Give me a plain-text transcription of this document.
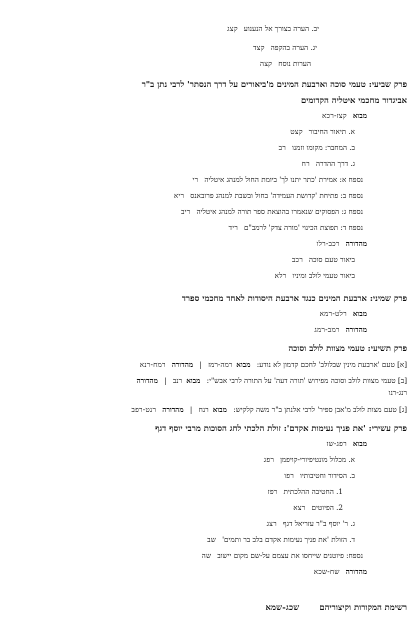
יב. הערה בצורך אל הנענועקצג
יג. הערה בהקפהקצד
הערות נוסחקצה
פרק שביעי: טעמי סוכה וארבעת המינים מ'ביאורים על דרך הנסתר' לרבי נתן ב"ר
אביגדור מחכמי איטליה הקדומים
מבואקצז-רכא
א. תיאור החיבורקצט
ב. המחבר: מקומו וזמנורב
ג. דרך ההדרהרח
נספח א: אמירת 'כתר יתנו לך' ביומת החול למנהג איטליהרי
נספח ב: פתיחת 'קדושת העמידה' בחול ובשבת למנהג פרובאנסריא
נספח ג: הפסוקים שנאמרו בהוצאת ספר תורה למנהג איטליהריב
נספח ד: תפוצת הכינוי 'מורה צדק' לרמב"םריד
מהדורהרכב-רלו
ביאור טעם סוכהרכב
ביאור טעמי לולב ומיניורלא
פרק שמיני: ארבעת המינים כנגד ארבעת היסודות לאחד מחכמי ספרד
מבוארלט-רמא
מהדורהרמב-רמג
פרק תשיעי: טעמי מצוות לולב וסוכה
[א] טעם 'ארבעת מינין שבלולב' לחכם קדמון לא נודע: מבוארמה-רמז | מהדורהרמח-רנא
[ב] טעמי מצוות לולב וסוכה מפירוש 'תורה דעה' על התורה לרבי אבש"י: מבוארנב | מהדורה
רנג-רנו
[ג] טעם מצות לולב מ'אבן ספיר' לרבי אלנתן ב"ר משה קלקיש: מבוארנח | מהדורהרנט-רפב
פרק עשירי: 'את פניך נעימות אקדם': זולת הלכתי לחג הסוכות מרבי יוסף דגף
מבוארפג-שז
א. מכלול מונטיפיורי-קויפמןרפג
ב. הסידור וחטיבותיורפו
1. החטיבה ההלכתיתרפז
2. הפיוטיםרצא
ג. ר' יוסף ב"ר עזריאל דגףרצג
ד. הזולת 'את פניך נעימות אקדם בלב בר ותמים'שב
נספח: פיוטנים שייחסו את עצמם על-שם מקום יישובשה
מהדורהשח-שכא
רשימת המקורות וקיצוריהםשכג-שמא
